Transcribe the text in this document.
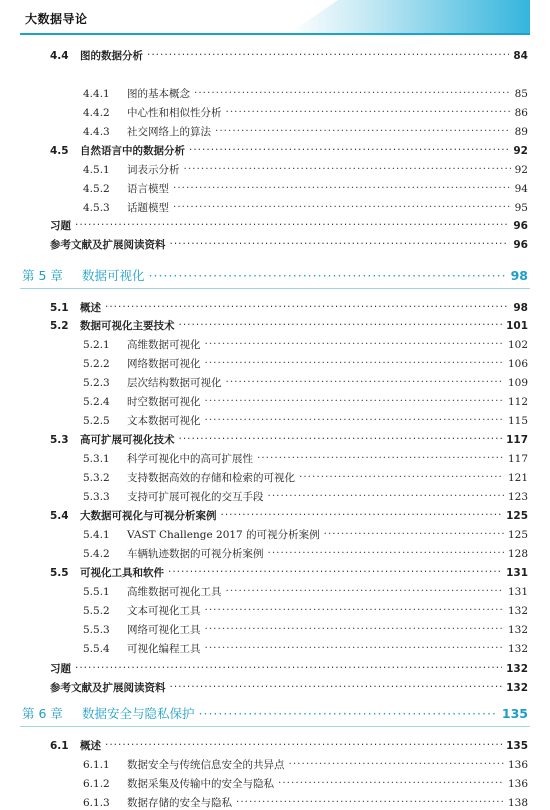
大数据导论
4.4	图的数据分析 ·····	84
4.4.1	图的基本概念 ·····	85
4.4.2	中心性和相似性分析 ·····	86
4.4.3	社交网络上的算法 ·····	89
4.5	自然语言中的数据分析 ·····	92
4.5.1	词表示分析 ·····	92
4.5.2	语言模型 ·····	94
4.5.3	话题模型 ·····	95
习题 ·····	96
参考文献及扩展阅读资料 ·····	96
第 5 章	数据可视化 ·····	98
5.1	概述 ·····	98
5.2	数据可视化主要技术 ·····	101
5.2.1	高维数据可视化 ·····	102
5.2.2	网络数据可视化 ·····	106
5.2.3	层次结构数据可视化 ·····	109
5.2.4	时空数据可视化 ·····	112
5.2.5	文本数据可视化 ·····	115
5.3	高可扩展可视化技术 ·····	117
5.3.1	科学可视化中的高可扩展性 ·····	117
5.3.2	支持数据高效的存储和检索的可视化 ·····	121
5.3.3	支持可扩展可视化的交互手段 ·····	123
5.4	大数据可视化与可视分析案例 ·····	125
5.4.1	VAST Challenge 2017 的可视分析案例 ·····	125
5.4.2	车辆轨迹数据的可视分析案例 ·····	128
5.5	可视化工具和软件 ·····	131
5.5.1	高维数据可视化工具 ·····	131
5.5.2	文本可视化工具 ·····	132
5.5.3	网络可视化工具 ·····	132
5.5.4	可视化编程工具 ·····	132
习题 ·····	132
参考文献及扩展阅读资料 ·····	132
第 6 章	数据安全与隐私保护 ·····	135
6.1	概述 ·····	135
6.1.1	数据安全与传统信息安全的共异点 ·····	136
6.1.2	数据采集及传输中的安全与隐私 ·····	136
6.1.3	数据存储的安全与隐私 ·····	138
